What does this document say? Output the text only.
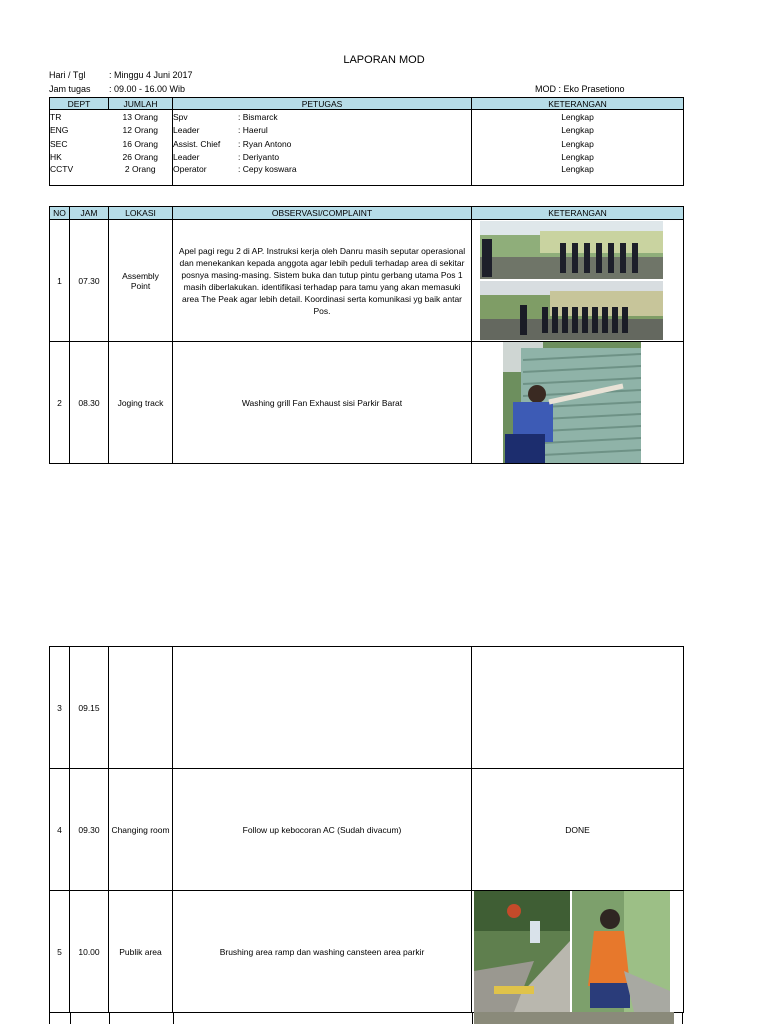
LAPORAN MOD
Hari / Tgl	: Minggu 4 Juni 2017
Jam tugas : 09.00 - 16.00 Wib	MOD : Eko Prasetiono
DEPT	JUMLAH	PETUGAS	KETERANGAN
TR	13 Orang	Spv : Bismarck	Lengkap
ENG	12 Orang	Leader : Haerul	Lengkap
SEC	16 Orang	Assist. Chief : Ryan Antono	Lengkap
HK	26 Orang	Leader : Deriyanto	Lengkap
CCTV	2 Orang	Operator : Cepy koswara	Lengkap
NO	JAM	LOKASI	OBSERVASI/COMPLAINT	KETERANGAN
1	07.30	Assembly Point	Apel pagi regu 2 di AP. Instruksi kerja oleh Danru masih seputar operasional dan menekankan kepada anggota agar lebih peduli terhadap area di sekitar posnya masing-masing. Sistem buka dan tutup pintu gerbang utama Pos 1 masih diberlakukan. identifikasi terhadap para tamu yang akan memasuki area The Peak agar lebih detail. Koordinasi serta komunikasi yg baik antar Pos.	

2	08.30	Joging track	Washing grill Fan Exhaust sisi Parkir Barat	
3	09.15			
4	09.30	Changing room	Follow up kebocoran AC (Sudah divacum)	DONE
5	10.00	Publik area	Brushing area ramp dan washing cansteen area parkir	
